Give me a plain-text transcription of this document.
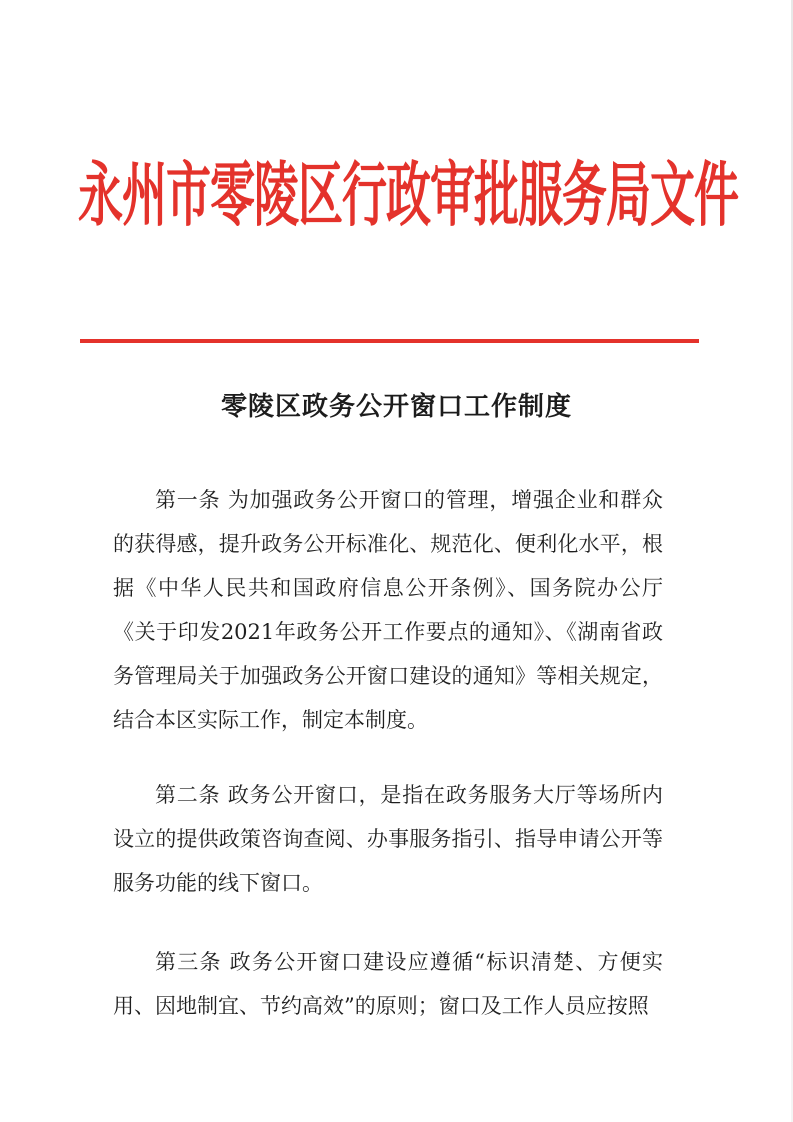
永州市零陵区行政审批服务局文件
零陵区政务公开窗口工作制度

第一条 为加强政务公开窗口的管理，增强企业和群众的获得感，提升政务公开标准化、规范化、便利化水平，根据《中华人民共和国政府信息公开条例》、国务院办公厅《关于印发2021年政务公开工作要点的通知》、《湖南省政务管理局关于加强政务公开窗口建设的通知》等相关规定，结合本区实际工作，制定本制度。

第二条 政务公开窗口，是指在政务服务大厅等场所内设立的提供政策咨询查阅、办事服务指引、指导申请公开等服务功能的线下窗口。

第三条 政务公开窗口建设应遵循“标识清楚、方便实用、因地制宜、节约高效”的原则；窗口及工作人员应按照
